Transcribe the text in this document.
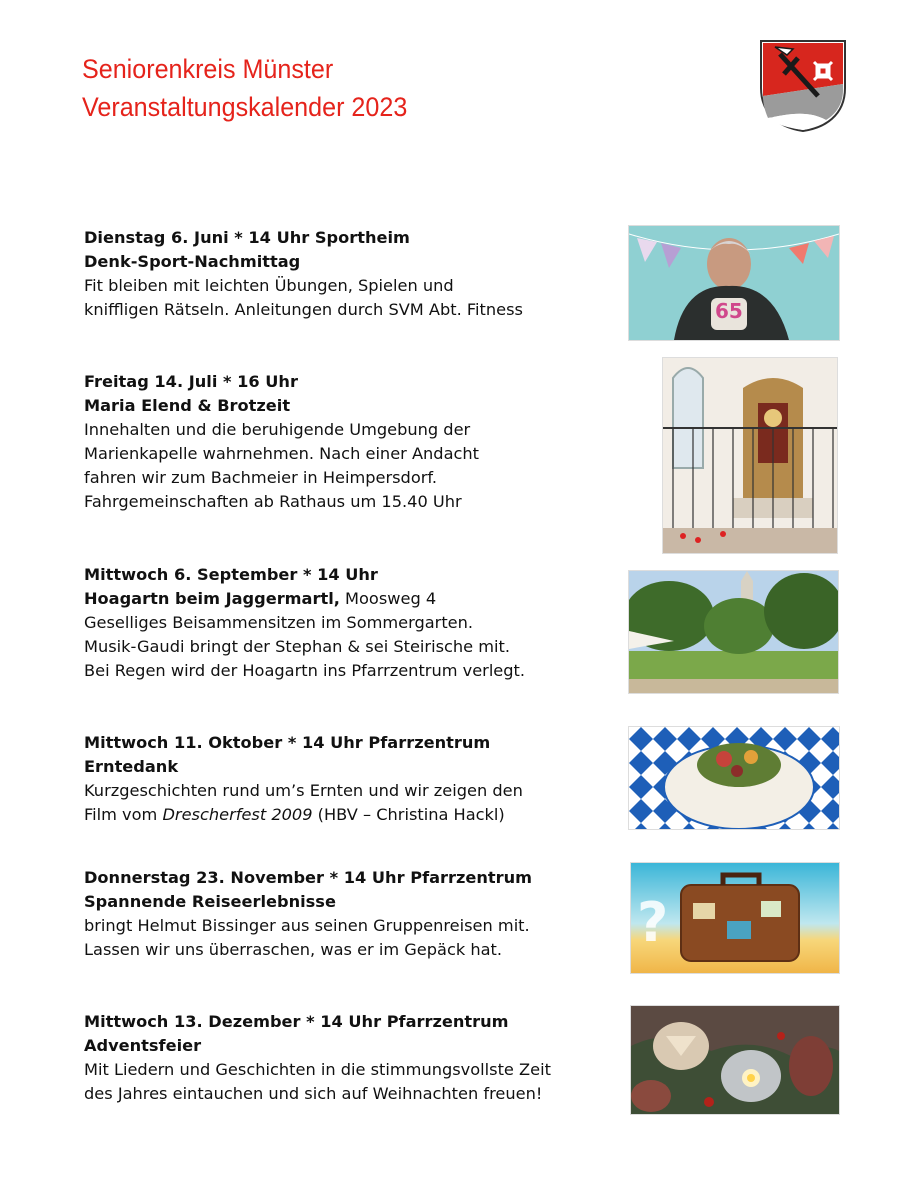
Seniorenkreis Münster
Veranstaltungskalender 2023
Dienstag 6. Juni * 14 Uhr Sportheim
Denk-Sport-Nachmittag
Fit bleiben mit leichten Übungen, Spielen und
kniffligen Rätseln. Anleitungen durch SVM Abt. Fitness	65
Freitag 14. Juli * 16 Uhr
Maria Elend & Brotzeit
Innehalten und die beruhigende Umgebung der
Marienkapelle wahrnehmen. Nach einer Andacht
fahren wir zum Bachmeier in Heimpersdorf.
Fahrgemeinschaften ab Rathaus um 15.40 Uhr
Mittwoch 6. September * 14 Uhr
Hoagartn beim Jaggermartl, Moosweg 4
Geselliges Beisammensitzen im Sommergarten.
Musik-Gaudi bringt der Stephan & sei Steirische mit.
Bei Regen wird der Hoagartn ins Pfarrzentrum verlegt.
Mittwoch 11. Oktober * 14 Uhr Pfarrzentrum
Erntedank
Kurzgeschichten rund um’s Ernten und wir zeigen den
Film vom Drescherfest 2009 (HBV – Christina Hackl)
Donnerstag 23. November * 14 Uhr Pfarrzentrum
Spannende Reiseerlebnisse
bringt Helmut Bissinger aus seinen Gruppenreisen mit.
Lassen wir uns überraschen, was er im Gepäck hat.	?
Mittwoch 13. Dezember * 14 Uhr Pfarrzentrum
Adventsfeier
Mit Liedern und Geschichten in die stimmungsvollste Zeit
des Jahres eintauchen und sich auf Weihnachten freuen!
